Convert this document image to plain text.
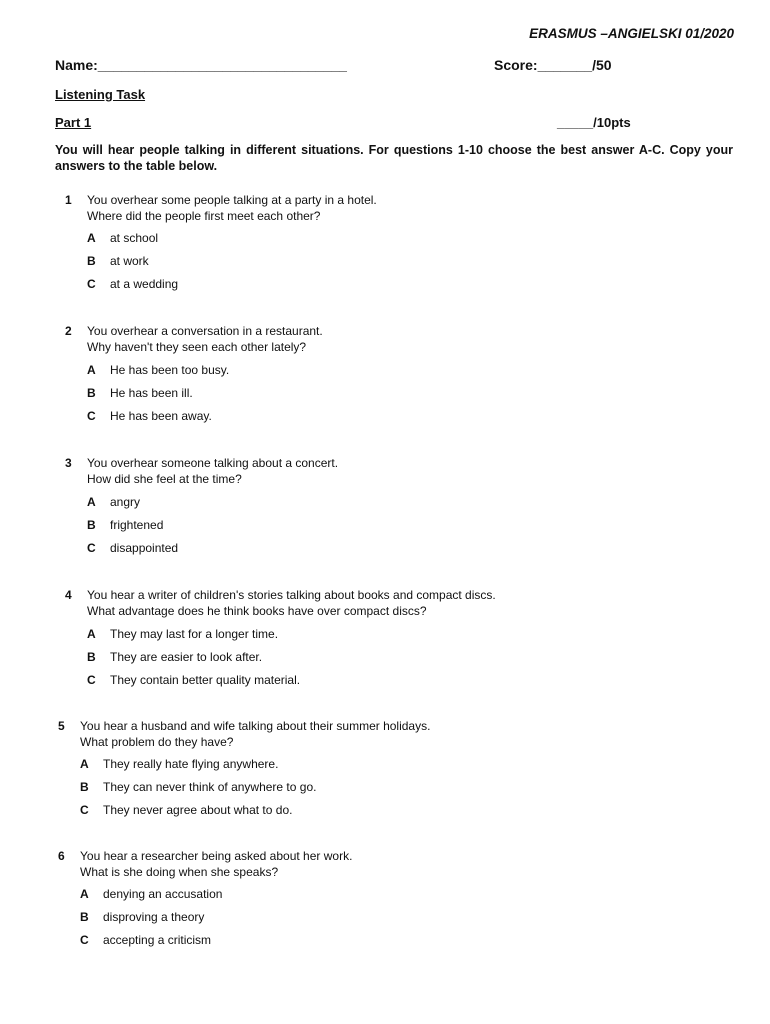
ERASMUS –ANGIELSKI 01/2020
Name:________________________________	Score:_______/50
Listening Task
Part 1	_____/10pts
You will hear people talking in different situations. For questions 1-10 choose the best answer A-C. Copy your answers to the table below.
1 You overhear some people talking at a party in a hotel.
Where did the people first meet each other?
A at school
B at work
C at a wedding
2 You overhear a conversation in a restaurant.
Why haven't they seen each other lately?
A He has been too busy.
B He has been ill.
C He has been away.
3 You overhear someone talking about a concert.
How did she feel at the time?
A angry
B frightened
C disappointed
4 You hear a writer of children's stories talking about books and compact discs.
What advantage does he think books have over compact discs?
A They may last for a longer time.
B They are easier to look after.
C They contain better quality material.
5 You hear a husband and wife talking about their summer holidays.
What problem do they have?
A They really hate flying anywhere.
B They can never think of anywhere to go.
C They never agree about what to do.
6 You hear a researcher being asked about her work.
What is she doing when she speaks?
A denying an accusation
B disproving a theory
C accepting a criticism
